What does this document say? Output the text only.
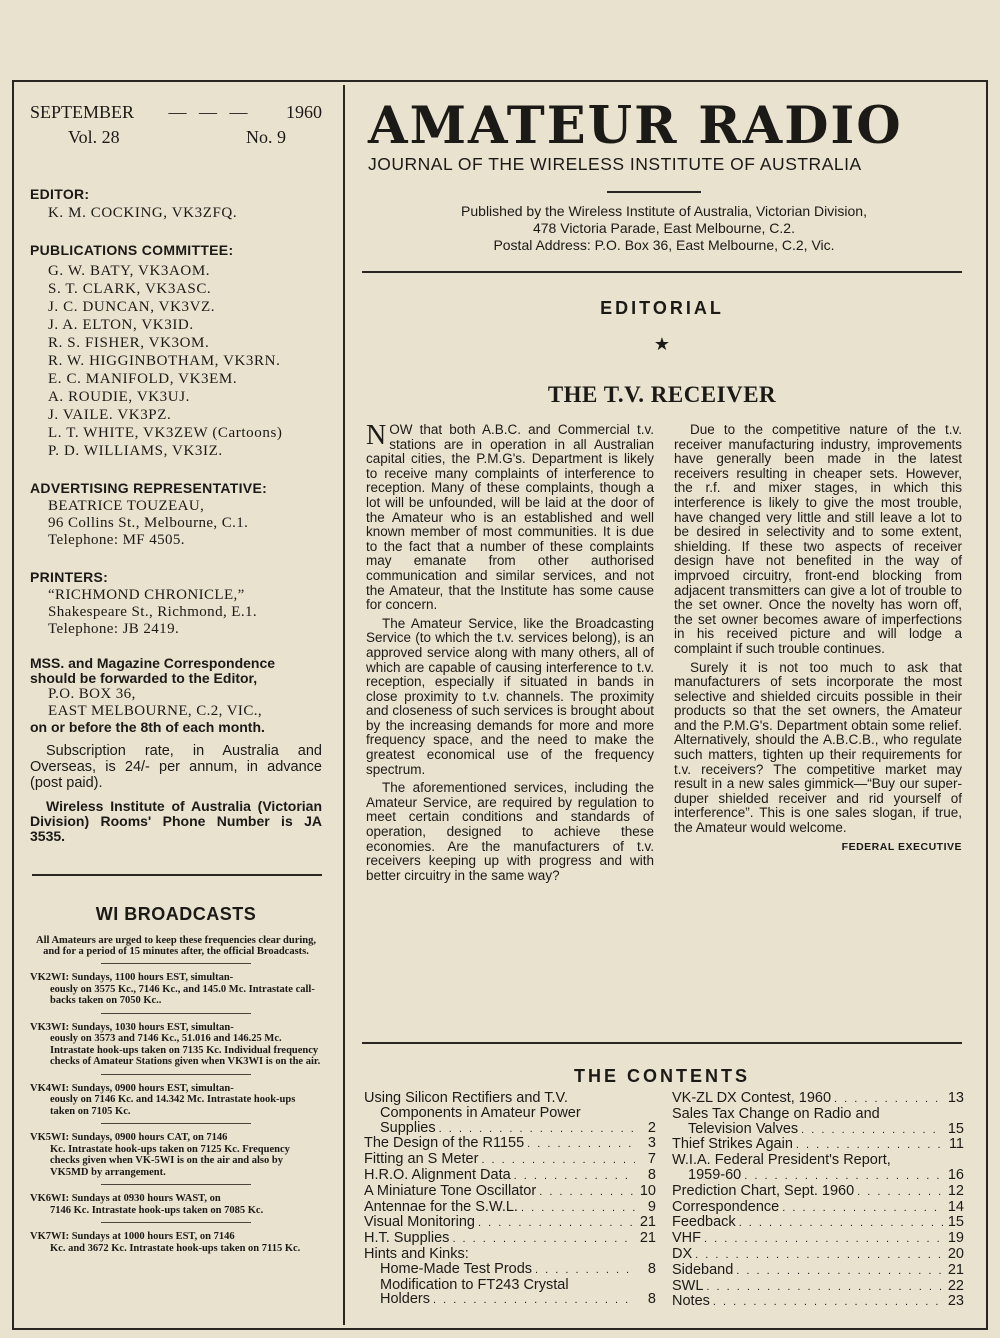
SEPTEMBER — — — 1960
Vol. 28	No. 9
EDITOR:
K. M. COCKING, VK3ZFQ.
PUBLICATIONS COMMITTEE:
G. W. BATY, VK3AOM.
S. T. CLARK, VK3ASC.
J. C. DUNCAN, VK3VZ.
J. A. ELTON, VK3ID.
R. S. FISHER, VK3OM.
R. W. HIGGINBOTHAM, VK3RN.
E. C. MANIFOLD, VK3EM.
A. ROUDIE, VK3UJ.
J. VAILE. VK3PZ.
L. T. WHITE, VK3ZEW (Cartoons)
P. D. WILLIAMS, VK3IZ.
ADVERTISING REPRESENTATIVE:
BEATRICE TOUZEAU,
96 Collins St., Melbourne, C.1.
Telephone: MF 4505.
PRINTERS:
“RICHMOND CHRONICLE,”
Shakespeare St., Richmond, E.1.
Telephone: JB 2419.
MSS. and Magazine Correspondence
should be forwarded to the Editor,
P.O. BOX 36,
EAST MELBOURNE, C.2, VIC.,
on or before the 8th of each month.
Subscription rate, in Australia and Overseas, is 24/- per annum, in advance (post paid).
Wireless Institute of Australia (Victorian Division) Rooms' Phone Number is JA 3535.
WI BROADCASTS
All Amateurs are urged to keep these frequencies clear during, and for a period of 15 minutes after, the official Broadcasts.
VK2WI: Sundays, 1100 hours EST, simultan-
eously on 3575 Kc., 7146 Kc., and 145.0 Mc. Intrastate call-backs taken on 7050 Kc..
VK3WI: Sundays, 1030 hours EST, simultan-
eously on 3573 and 7146 Kc., 51.016 and 146.25 Mc. Intrastate hook-ups taken on 7135 Kc. Individual frequency checks of Amateur Stations given when VK3WI is on the air.
VK4WI: Sundays, 0900 hours EST, simultan-
eously on 7146 Kc. and 14.342 Mc. Intrastate hook-ups taken on 7105 Kc.
VK5WI: Sundays, 0900 hours CAT, on 7146
Kc. Intrastate hook-ups taken on 7125 Kc. Frequency checks given when VK-5WI is on the air and also by VK5MD by arrangement.
VK6WI: Sundays at 0930 hours WAST, on
7146 Kc. Intrastate hook-ups taken on 7085 Kc.
VK7WI: Sundays at 1000 hours EST, on 7146
Kc. and 3672 Kc. Intrastate hook-ups taken on 7115 Kc.
AMATEUR RADIO
JOURNAL OF THE WIRELESS INSTITUTE OF AUSTRALIA
Published by the Wireless Institute of Australia, Victorian Division,
478 Victoria Parade, East Melbourne, C.2.
Postal Address: P.O. Box 36, East Melbourne, C.2, Vic.
EDITORIAL
★
THE T.V. RECEIVER

NOW that both A.B.C. and Commercial t.v. stations are in operation in all Australian capital cities, the P.M.G's. Department is likely to receive many complaints of interference to reception. Many of these complaints, though a lot will be unfounded, will be laid at the door of the Amateur who is an established and well known member of most communities. It is due to the fact that a number of these complaints may emanate from other authorised communication and similar services, and not the Amateur, that the Institute has some cause for concern.

The Amateur Service, like the Broadcasting Service (to which the t.v. services belong), is an approved service along with many others, all of which are capable of causing interference to t.v. reception, especially if situated in bands in close proximity to t.v. channels. The proximity and closeness of such services is brought about by the increasing demands for more and more frequency space, and the need to make the greatest economical use of the frequency spectrum.

The aforementioned services, including the Amateur Service, are required by regulation to meet certain conditions and standards of operation, designed to achieve these economies. Are the manufacturers of t.v. receivers keeping up with progress and with better circuitry in the same way?

Due to the competitive nature of the t.v. receiver manufacturing industry, improvements have generally been made in the latest receivers resulting in cheaper sets. However, the r.f. and mixer stages, in which this interference is likely to give the most trouble, have changed very little and still leave a lot to be desired in selectivity and to some extent, shielding. If these two aspects of receiver design have not benefited in the way of imprvoed circuitry, front-end blocking from adjacent transmitters can give a lot of trouble to the set owner. Once the novelty has worn off, the set owner becomes aware of imperfections in his received picture and will lodge a complaint if such trouble continues.

Surely it is not too much to ask that manufacturers of sets incorporate the most selective and shielded circuits possible in their products so that the set owners, the Amateur and the P.M.G's. Department obtain some relief. Alternatively, should the A.B.C.B., who regulate such matters, tighten up their requirements for t.v. receivers? The competitive market may result in a new sales gimmick—“Buy our super-duper shielded receiver and rid yourself of interference”. This is one sales slogan, if true, the Amateur would welcome.

FEDERAL EXECUTIVE
THE CONTENTS
Using Silicon Rectifiers and T.V.
Components in Amateur Power
Supplies . . .	2
The Design of the R1155 . . .	3
Fitting an S Meter . . .	7
H.R.O. Alignment Data . . .	8
A Miniature Tone Oscillator . . .	10
Antennae for the S.W.L. . . .	9
Visual Monitoring . . .	21
H.T. Supplies . . .	21
Hints and Kinks:
Home-Made Test Prods . . .	8
Modification to FT243 Crystal
Holders . . .	8
VK-ZL DX Contest, 1960 . . .	13
Sales Tax Change on Radio and
Television Valves . . .	15
Thief Strikes Again . . .	11
W.I.A. Federal President's Report,
1959-60 . . .	16
Prediction Chart, Sept. 1960 . . .	12
Correspondence . . .	14
Feedback . . .	15
VHF . . .	19
DX . . .	20
Sideband . . .	21
SWL . . .	22
Notes . . .	23
